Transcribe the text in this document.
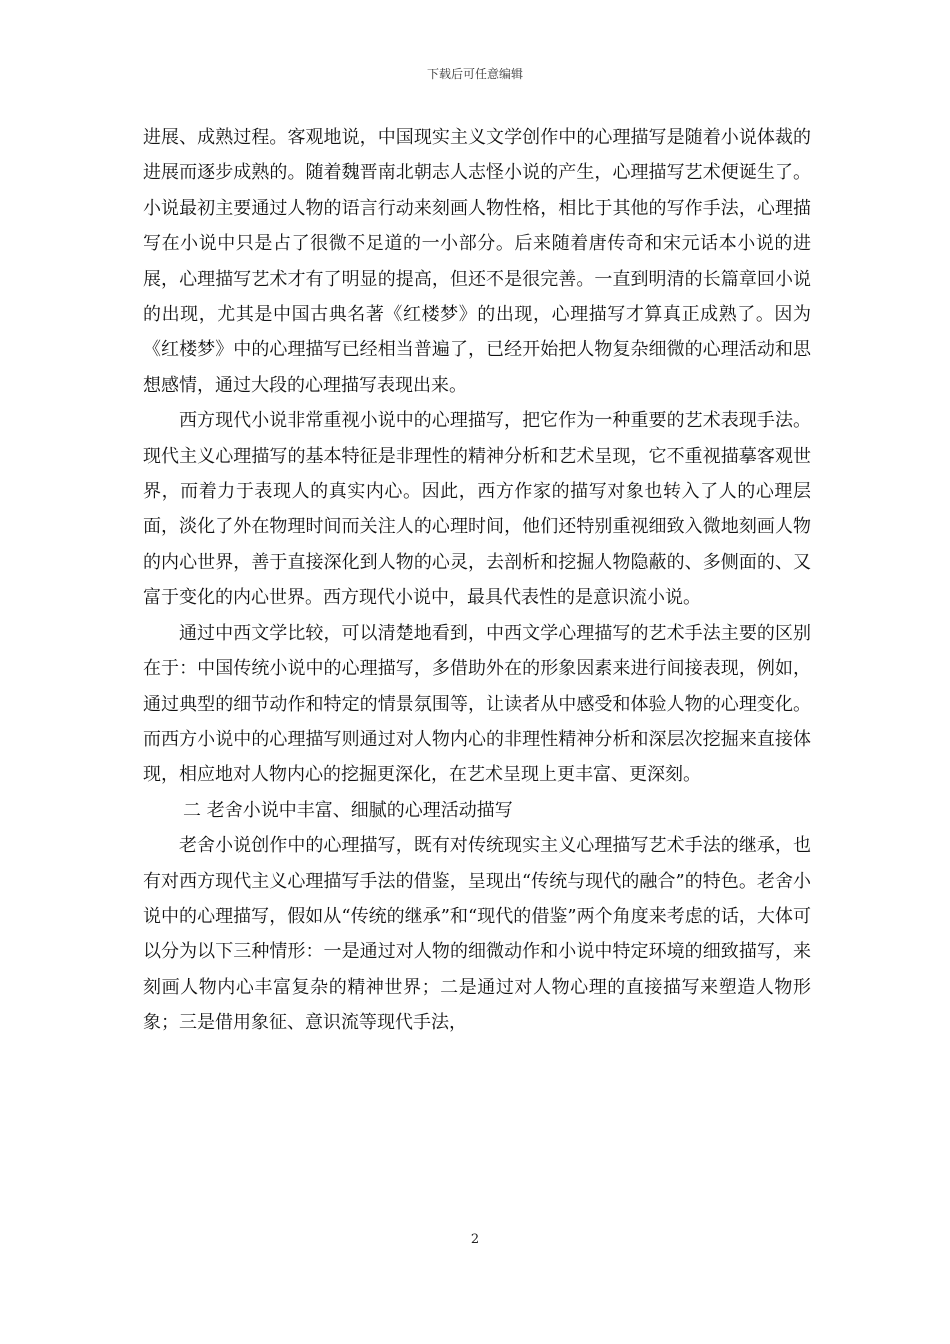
下载后可任意编辑

进展、成熟过程。客观地说，中国现实主义文学创作中的心理描写是随着小说体裁的进展而逐步成熟的。随着魏晋南北朝志人志怪小说的产生，心理描写艺术便诞生了。小说最初主要通过人物的语言行动来刻画人物性格，相比于其他的写作手法，心理描写在小说中只是占了很微不足道的一小部分。后来随着唐传奇和宋元话本小说的进展，心理描写艺术才有了明显的提高，但还不是很完善。一直到明清的长篇章回小说的出现，尤其是中国古典名著《红楼梦》的出现，心理描写才算真正成熟了。因为《红楼梦》中的心理描写已经相当普遍了，已经开始把人物复杂细微的心理活动和思想感情，通过大段的心理描写表现出来。

西方现代小说非常重视小说中的心理描写，把它作为一种重要的艺术表现手法。现代主义心理描写的基本特征是非理性的精神分析和艺术呈现，它不重视描摹客观世界，而着力于表现人的真实内心。因此，西方作家的描写对象也转入了人的心理层面，淡化了外在物理时间而关注人的心理时间，他们还特别重视细致入微地刻画人物的内心世界，善于直接深化到人物的心灵，去剖析和挖掘人物隐蔽的、多侧面的、又富于变化的内心世界。西方现代小说中，最具代表性的是意识流小说。

通过中西文学比较，可以清楚地看到，中西文学心理描写的艺术手法主要的区别在于：中国传统小说中的心理描写，多借助外在的形象因素来进行间接表现，例如，通过典型的细节动作和特定的情景氛围等，让读者从中感受和体验人物的心理变化。而西方小说中的心理描写则通过对人物内心的非理性精神分析和深层次挖掘来直接体现，相应地对人物内心的挖掘更深化，在艺术呈现上更丰富、更深刻。

二 老舍小说中丰富、细腻的心理活动描写

老舍小说创作中的心理描写，既有对传统现实主义心理描写艺术手法的继承，也有对西方现代主义心理描写手法的借鉴，呈现出“传统与现代的融合”的特色。老舍小说中的心理描写，假如从“传统的继承”和“现代的借鉴”两个角度来考虑的话，大体可以分为以下三种情形：一是通过对人物的细微动作和小说中特定环境的细致描写，来刻画人物内心丰富复杂的精神世界；二是通过对人物心理的直接描写来塑造人物形象；三是借用象征、意识流等现代手法，

2
